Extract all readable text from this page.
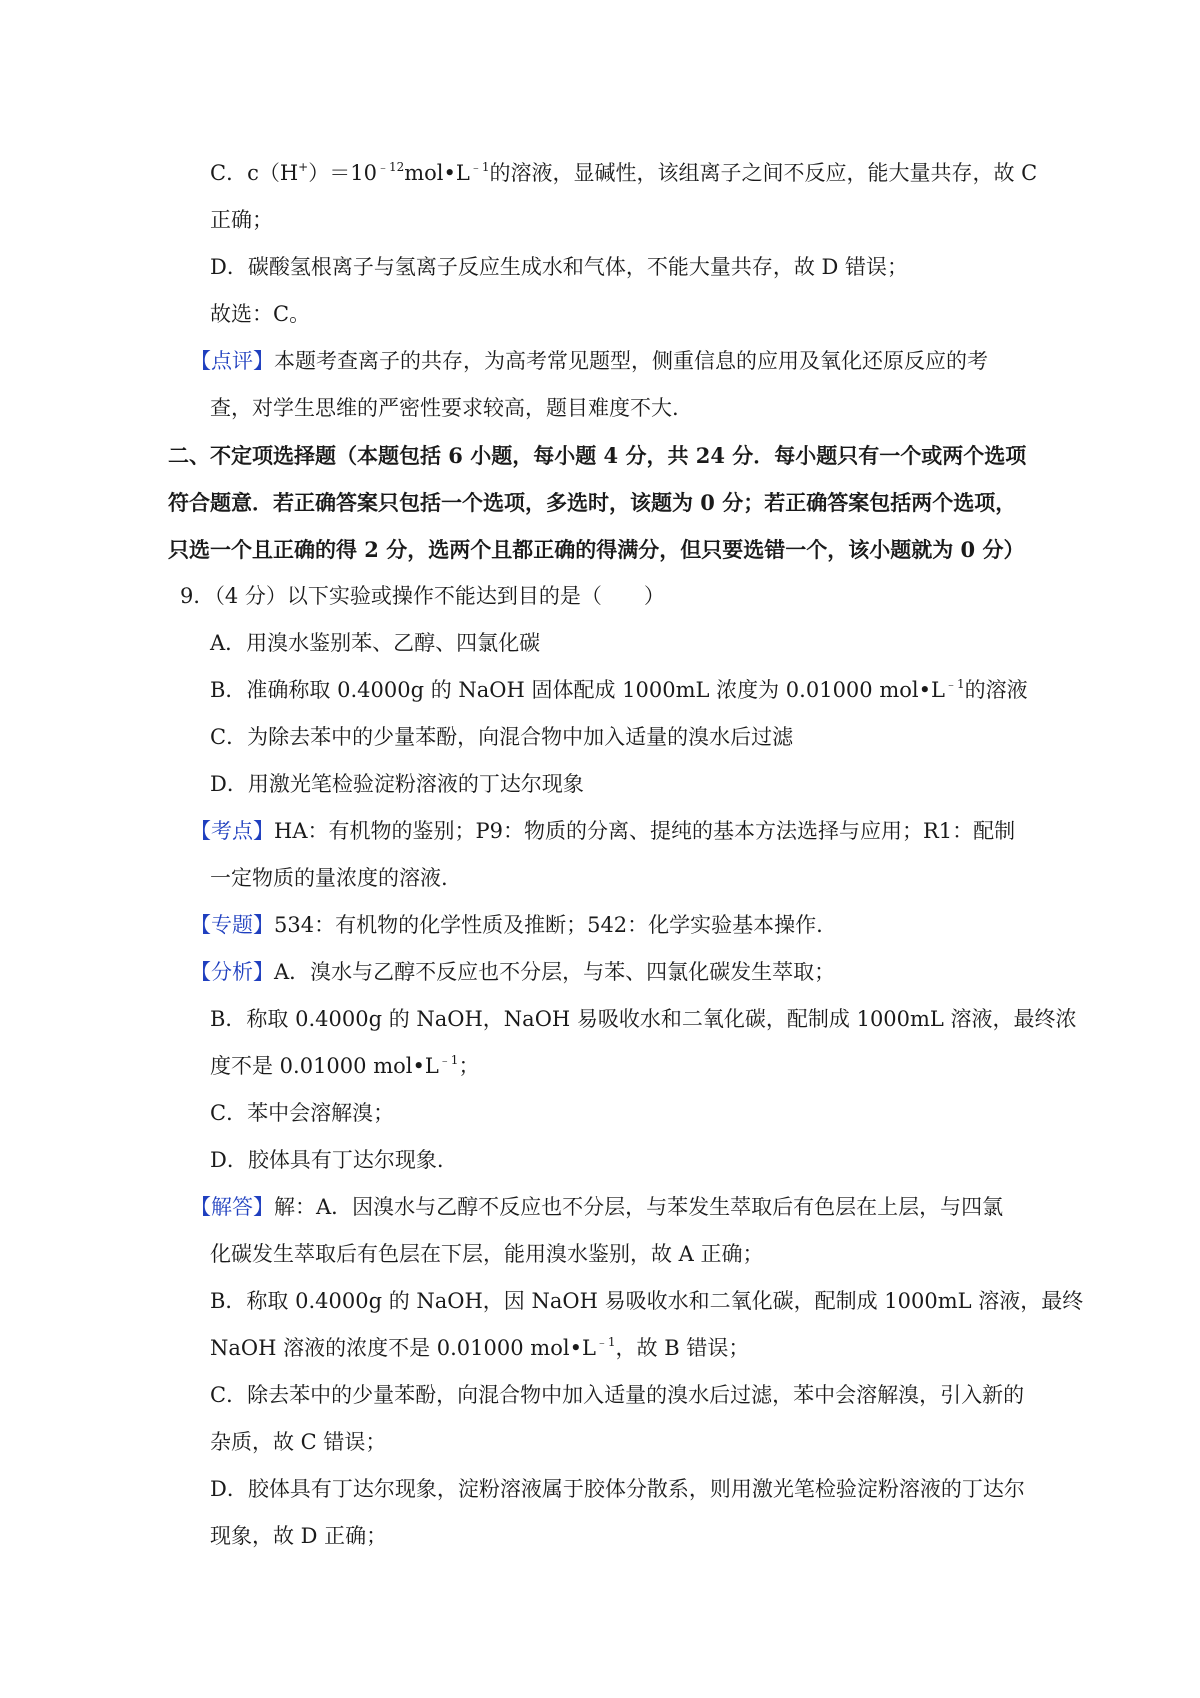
C．$c(H^+)=10^{﹣12}mol•L^{﹣1}$的溶液，显碱性，该组离子之间不反应，能大量共存，故 C
正确；
D．碳酸氢根离子与氢离子反应生成水和气体，不能大量共存，故 D 错误；
故选：C。
【点评】本题考查离子的共存，为高考常见题型，侧重信息的应用及氧化还原反应的考
查，对学生思维的严密性要求较高，题目难度不大.
二、不定项选择题（本题包括 6 小题，每小题 4 分，共 24 分．每小题只有一个或两个选项
符合题意．若正确答案只包括一个选项，多选时，该题为 0 分；若正确答案包括两个选项，
只选一个且正确的得 2 分，选两个且都正确的得满分，但只要选错一个，该小题就为 0 分）
9．（4 分）以下实验或操作不能达到目的是（　　）
A．用溴水鉴别苯、乙醇、四氯化碳
B．准确称取 0.4000g 的 NaOH 固体配成 1000mL 浓度为 0.01000 $mol•L^{﹣1}$的溶液
C．为除去苯中的少量苯酚，向混合物中加入适量的溴水后过滤
D．用激光笔检验淀粉溶液的丁达尔现象
【考点】HA：有机物的鉴别；P9：物质的分离、提纯的基本方法选择与应用；R1：配制
一定物质的量浓度的溶液.
【专题】534：有机物的化学性质及推断；542：化学实验基本操作.
【分析】A．溴水与乙醇不反应也不分层，与苯、四氯化碳发生萃取；
B．称取 0.4000g 的 NaOH，NaOH 易吸收水和二氧化碳，配制成 1000mL 溶液，最终浓
度不是 0.01000 $mol•L^{﹣1}$；
C．苯中会溶解溴；
D．胶体具有丁达尔现象.
【解答】解：A．因溴水与乙醇不反应也不分层，与苯发生萃取后有色层在上层，与四氯
化碳发生萃取后有色层在下层，能用溴水鉴别，故 A 正确；
B．称取 0.4000g 的 NaOH，因 NaOH 易吸收水和二氧化碳，配制成 1000mL 溶液，最终
NaOH 溶液的浓度不是 0.01000 $mol•L^{﹣1}$，故 B 错误；
C．除去苯中的少量苯酚，向混合物中加入适量的溴水后过滤，苯中会溶解溴，引入新的
杂质，故 C 错误；
D．胶体具有丁达尔现象，淀粉溶液属于胶体分散系，则用激光笔检验淀粉溶液的丁达尔
现象，故 D 正确；
